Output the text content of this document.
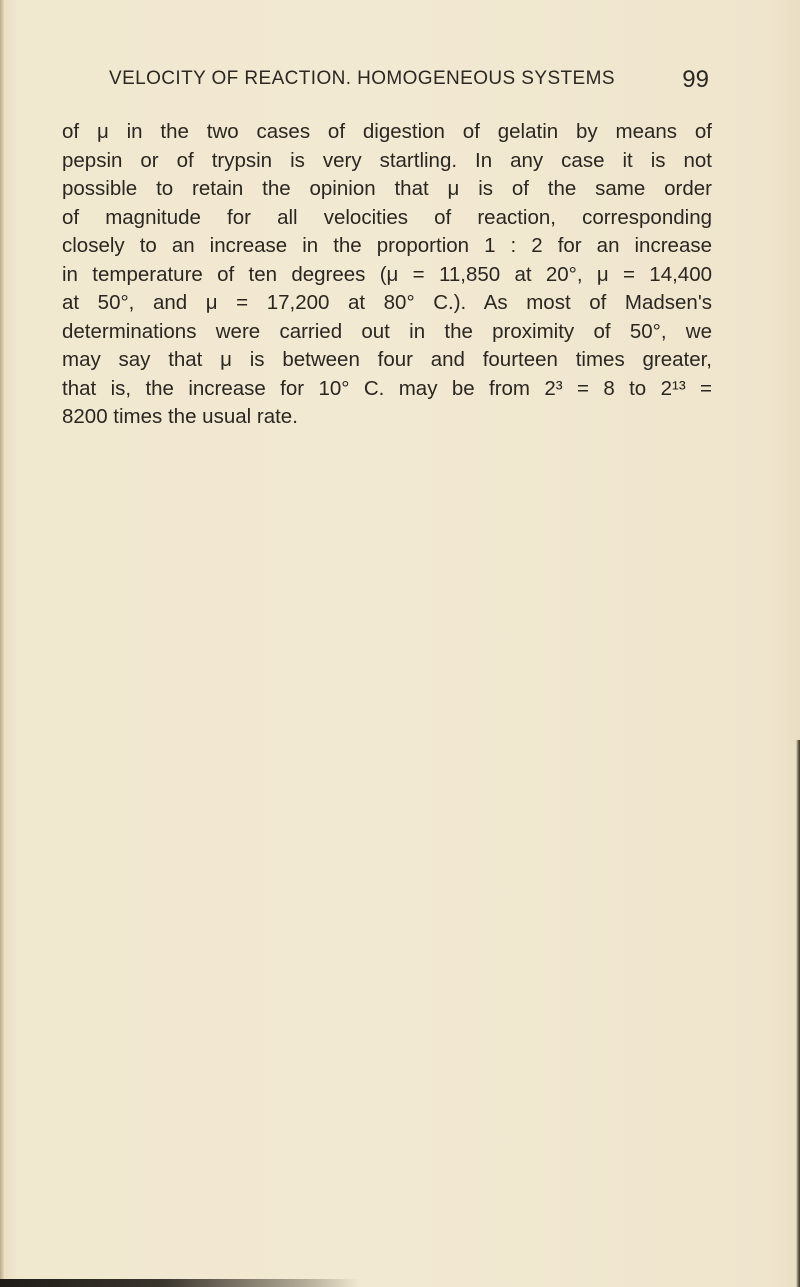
VELOCITY OF REACTION. HOMOGENEOUS SYSTEMS	99
of μ in the two cases of digestion of gelatin by means of
pepsin or of trypsin is very startling. In any case it is not
possible to retain the opinion that μ is of the same order
of magnitude for all velocities of reaction, corresponding
closely to an increase in the proportion 1 : 2 for an increase
in temperature of ten degrees (μ = 11,850 at 20°, μ = 14,400
at 50°, and μ = 17,200 at 80° C.). As most of Madsen's
determinations were carried out in the proximity of 50°, we
may say that μ is between four and fourteen times greater,
that is, the increase for 10° C. may be from 2³ = 8 to 2¹³ =
8200 times the usual rate.
